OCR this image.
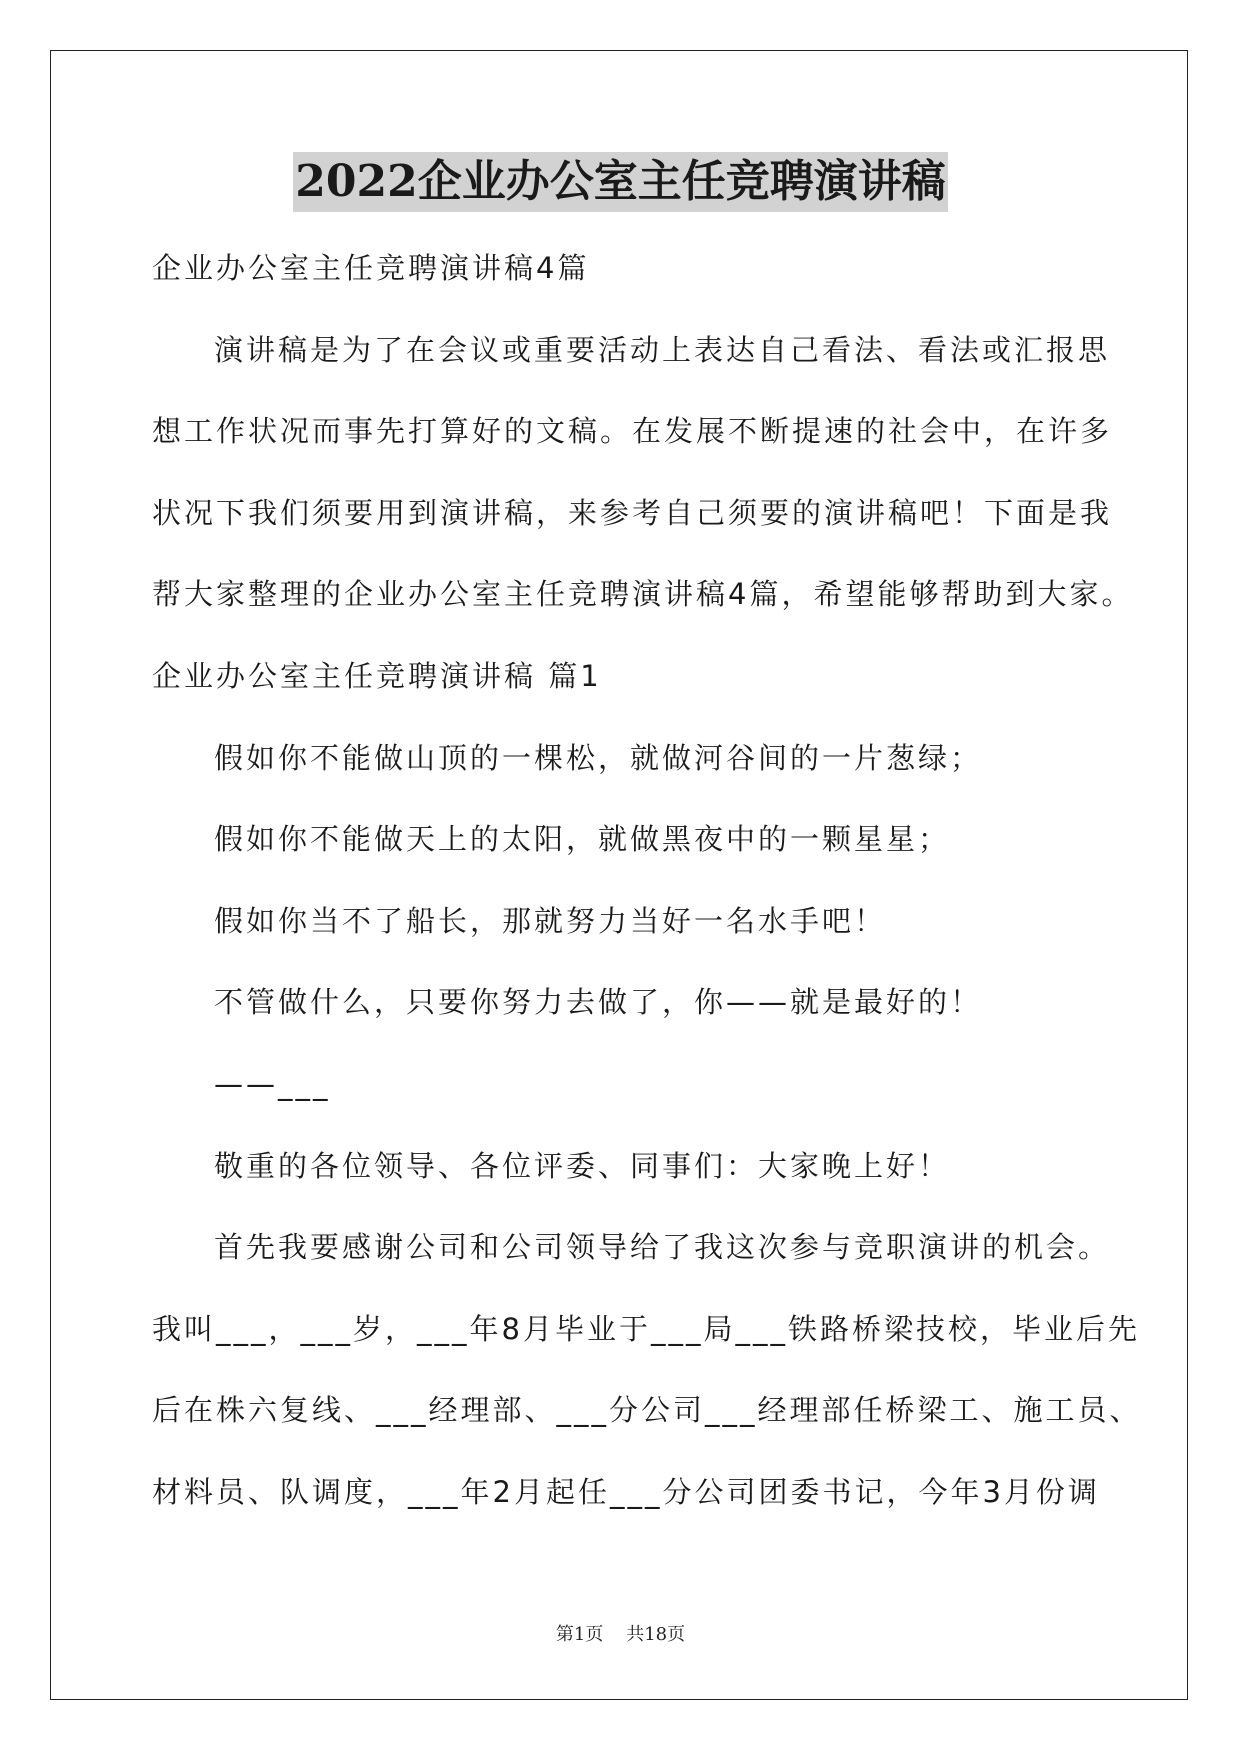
2022企业办公室主任竞聘演讲稿
企业办公室主任竞聘演讲稿4篇
演讲稿是为了在会议或重要活动上表达自己看法、看法或汇报思
想工作状况而事先打算好的文稿。在发展不断提速的社会中，在许多
状况下我们须要用到演讲稿，来参考自己须要的演讲稿吧！下面是我
帮大家整理的企业办公室主任竞聘演讲稿4篇，希望能够帮助到大家。
企业办公室主任竞聘演讲稿 篇1
假如你不能做山顶的一棵松，就做河谷间的一片葱绿；
假如你不能做天上的太阳，就做黑夜中的一颗星星；
假如你当不了船长，那就努力当好一名水手吧！
不管做什么，只要你努力去做了，你——就是最好的！
——___
敬重的各位领导、各位评委、同事们：大家晚上好！
首先我要感谢公司和公司领导给了我这次参与竞职演讲的机会。
我叫___，___岁，___年8月毕业于___局___铁路桥梁技校，毕业后先
后在株六复线、___经理部、___分公司___经理部任桥梁工、施工员、
材料员、队调度，___年2月起任___分公司团委书记，今年3月份调
第1页 共18页
